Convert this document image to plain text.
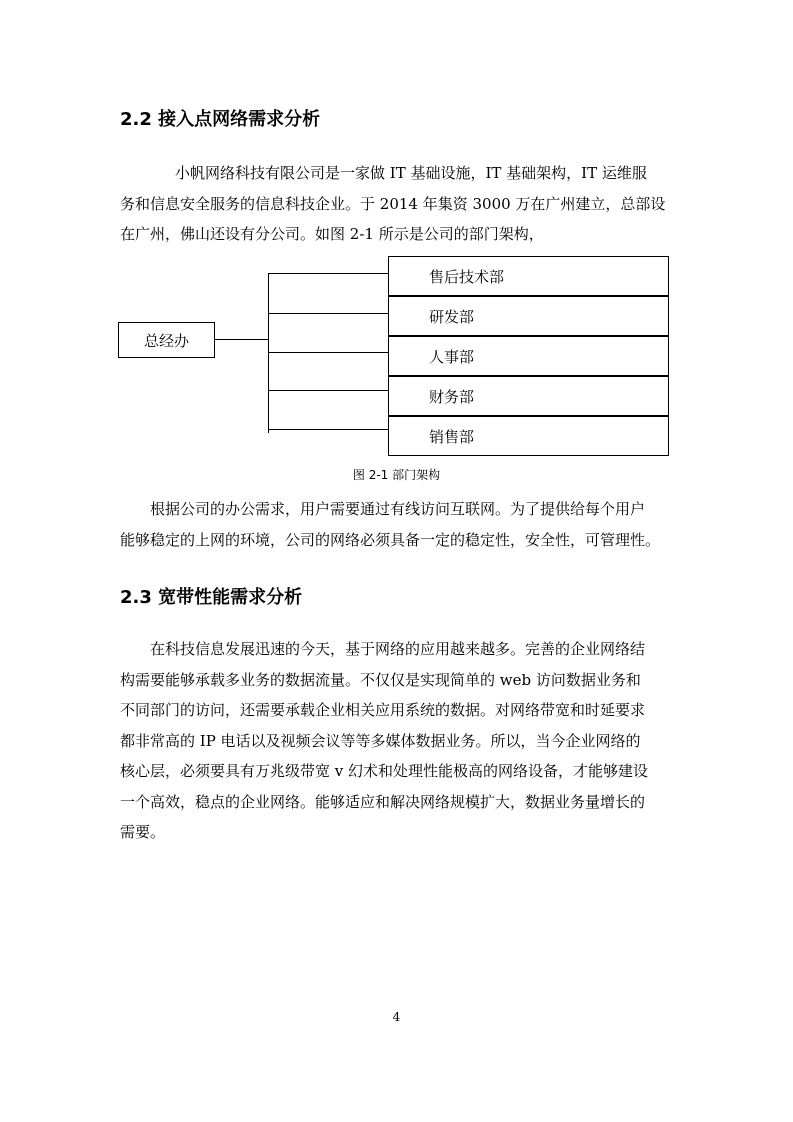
2.2 接入点网络需求分析
小帆网络科技有限公司是一家做 IT 基础设施，IT 基础架构，IT 运维服
务和信息安全服务的信息科技企业。于 2014 年集资 3000 万在广州建立，总部设
在广州，佛山还设有分公司。如图 2-1 所示是公司的部门架构，
总经办
售后技术部
研发部
人事部
财务部
销售部
图 2-1 部门架构
根据公司的办公需求，用户需要通过有线访问互联网。为了提供给每个用户
能够稳定的上网的环境，公司的网络必须具备一定的稳定性，安全性，可管理性。
2.3 宽带性能需求分析
在科技信息发展迅速的今天，基于网络的应用越来越多。完善的企业网络结
构需要能够承载多业务的数据流量。不仅仅是实现简单的 web 访问数据业务和
不同部门的访问，还需要承载企业相关应用系统的数据。对网络带宽和时延要求
都非常高的 IP 电话以及视频会议等等多媒体数据业务。所以，当今企业网络的
核心层，必须要具有万兆级带宽 v 幻术和处理性能极高的网络设备，才能够建设
一个高效，稳点的企业网络。能够适应和解决网络规模扩大，数据业务量增长的
需要。
4
